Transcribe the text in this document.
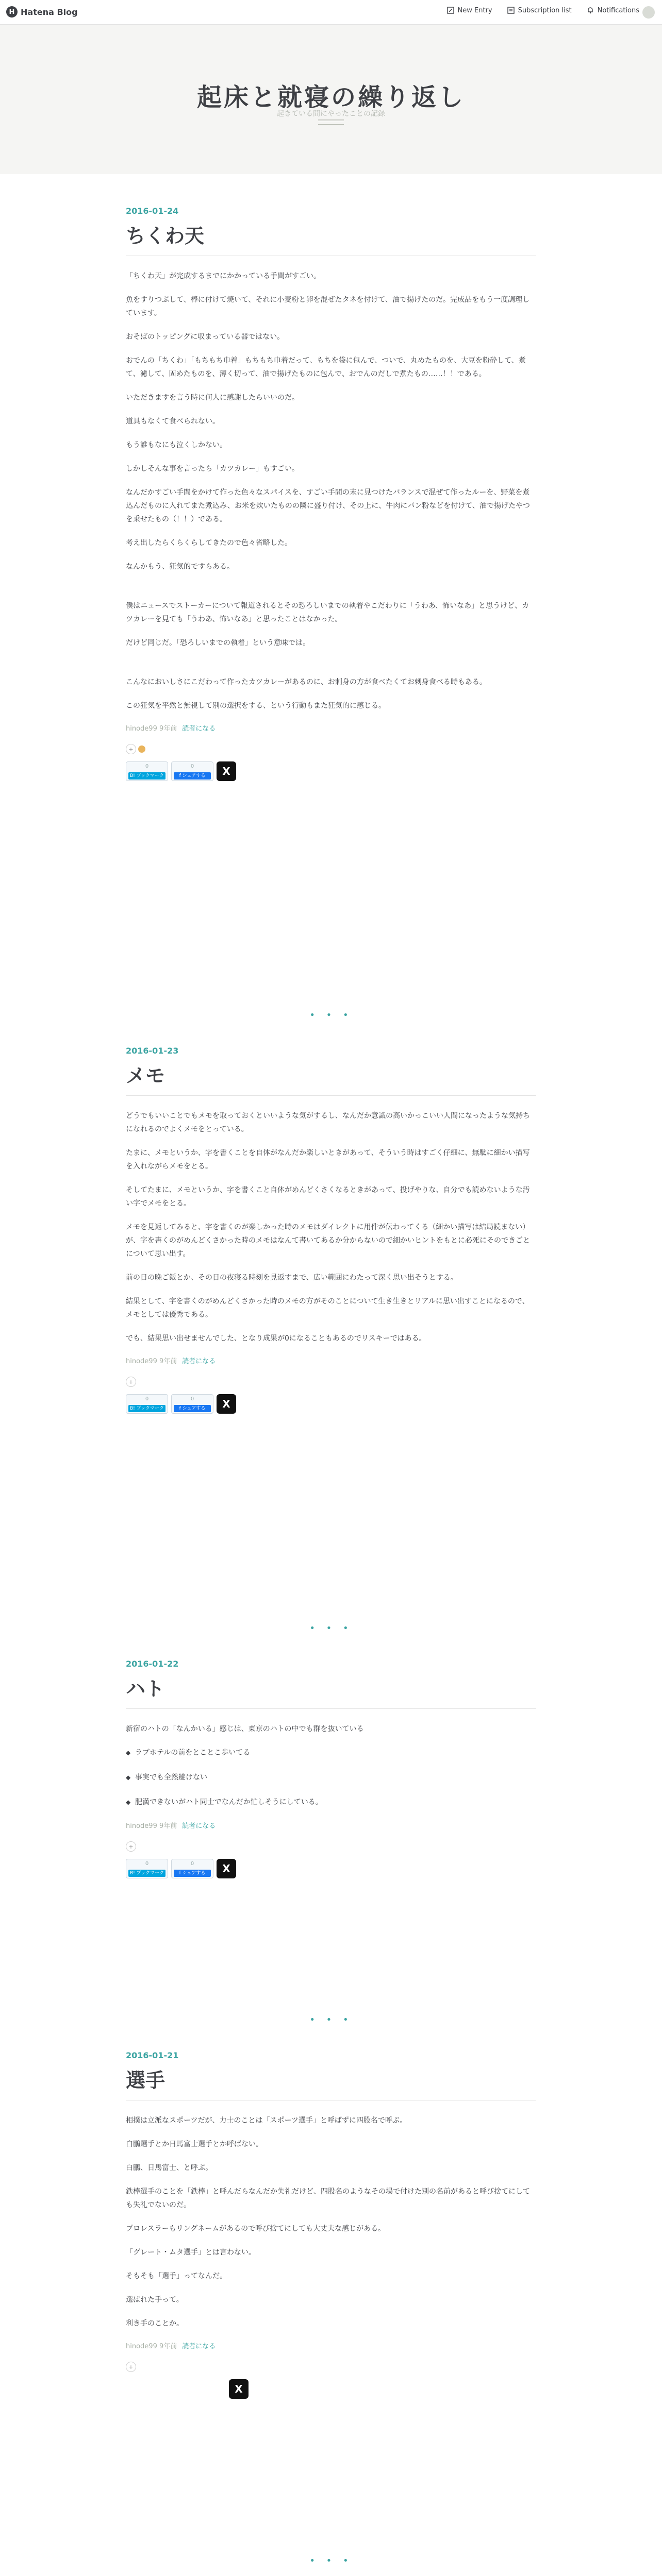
H Hatena Blog	New Entry	Subscription list	Notifications
起床と就寝の繰り返し
起きている間にやったことの記録
2016-01-24
ちくわ天

「ちくわ天」が完成するまでにかかっている手間がすごい。

魚をすりつぶして、棒に付けて焼いて、それに小麦粉と卵を混ぜたタネを付けて、油で揚げたのだ。完成品をもう一度調理しています。

おそばのトッピングに収まっている器ではない。

おでんの「ちくわ」「もちもち巾着」もちもち巾着だって、もちを袋に包んで、ついで、丸めたものを、大豆を粉砕して、煮て、濾して、固めたものを、薄く切って、油で揚げたものに包んで、おでんのだしで煮たもの……！！である。

いただきますを言う時に何人に感謝したらいいのだ。

道具もなくて食べられない。

もう誰もなにも泣くしかない。

しかしそんな事を言ったら「カツカレー」もすごい。

なんだかすごい手間をかけて作った色々なスパイスを、すごい手間の末に見つけたバランスで混ぜて作ったルーを、野菜を煮込んだものに入れてまた煮込み、お米を炊いたものの隣に盛り付け、その上に、牛肉にパン粉などを付けて、油で揚げたやつを乗せたもの（！！）である。

考え出したらくらくらしてきたので色々省略した。

なんかもう、狂気的ですらある。

僕はニュースでストーカーについて報道されるとその恐ろしいまでの執着やこだわりに「うわあ、怖いなあ」と思うけど、カツカレーを見ても「うわあ、怖いなあ」と思ったことはなかった。

だけど同じだ。「恐ろしいまでの執着」という意味では。

こんなにおいしさにこだわって作ったカツカレーがあるのに、お刺身の方が食べたくてお刺身食べる時もある。

この狂気を平然と無視して別の選択をする、という行動もまた狂気的に感じる。

hinode99 9年前 読者になる
+
0
B! ブックマーク
0
f シェアする	X
2016-01-23
メモ

どうでもいいことでもメモを取っておくといいような気がするし、なんだか意識の高いかっこいい人間になったような気持ちになれるのでよくメモをとっている。

たまに、メモというか、字を書くことを自体がなんだか楽しいときがあって、そういう時はすごく仔細に、無駄に細かい描写を入れながらメモをとる。

そしてたまに、メモというか、字を書くこと自体がめんどくさくなるときがあって、投げやりな、自分でも読めないような汚い字でメモをとる。

メモを見返してみると、字を書くのが楽しかった時のメモはダイレクトに用件が伝わってくる（細かい描写は結局読まない）が、字を書くのがめんどくさかった時のメモはなんて書いてあるか分からないので細かいヒントをもとに必死にそのできごとについて思い出す。

前の日の晩ご飯とか、その日の夜寝る時刻を見返すまで、広い範囲にわたって深く思い出そうとする。

結果として、字を書くのがめんどくさかった時のメモの方がそのことについて生き生きとリアルに思い出すことになるので、メモとしては優秀である。

でも、結果思い出せませんでした、となり成果が0になることもあるのでリスキーではある。

hinode99 9年前 読者になる
+
0
B! ブックマーク
0
f シェアする	X
2016-01-22
ハト

新宿のハトの「なんかいる」感じは、東京のハトの中でも群を抜いている

◆ ラブホテルの前をとことこ歩いてる
◆ 事実でも全然避けない
◆ 肥満できないがハト同士でなんだか忙しそうにしている。
hinode99 9年前 読者になる
+
0
B! ブックマーク
0
f シェアする	X
2016-01-21
選手

相撲は立派なスポーツだが、力士のことは「スポーツ選手」と呼ばずに四股名で呼ぶ。

白鵬選手とか日馬富士選手とか呼ばない。

白鵬、日馬富士、と呼ぶ。

鉄棒選手のことを「鉄棒」と呼んだらなんだか失礼だけど、四股名のようなその場で付けた別の名前があると呼び捨てにしても失礼でないのだ。

プロレスラーもリングネームがあるので呼び捨てにしても大丈夫な感じがある。

「グレート・ムタ選手」とは言わない。

そもそも「選手」ってなんだ。

選ばれた手って。

利き手のことか。

hinode99 9年前 読者になる
+
X

• • •
• • •
• • •
• • •
